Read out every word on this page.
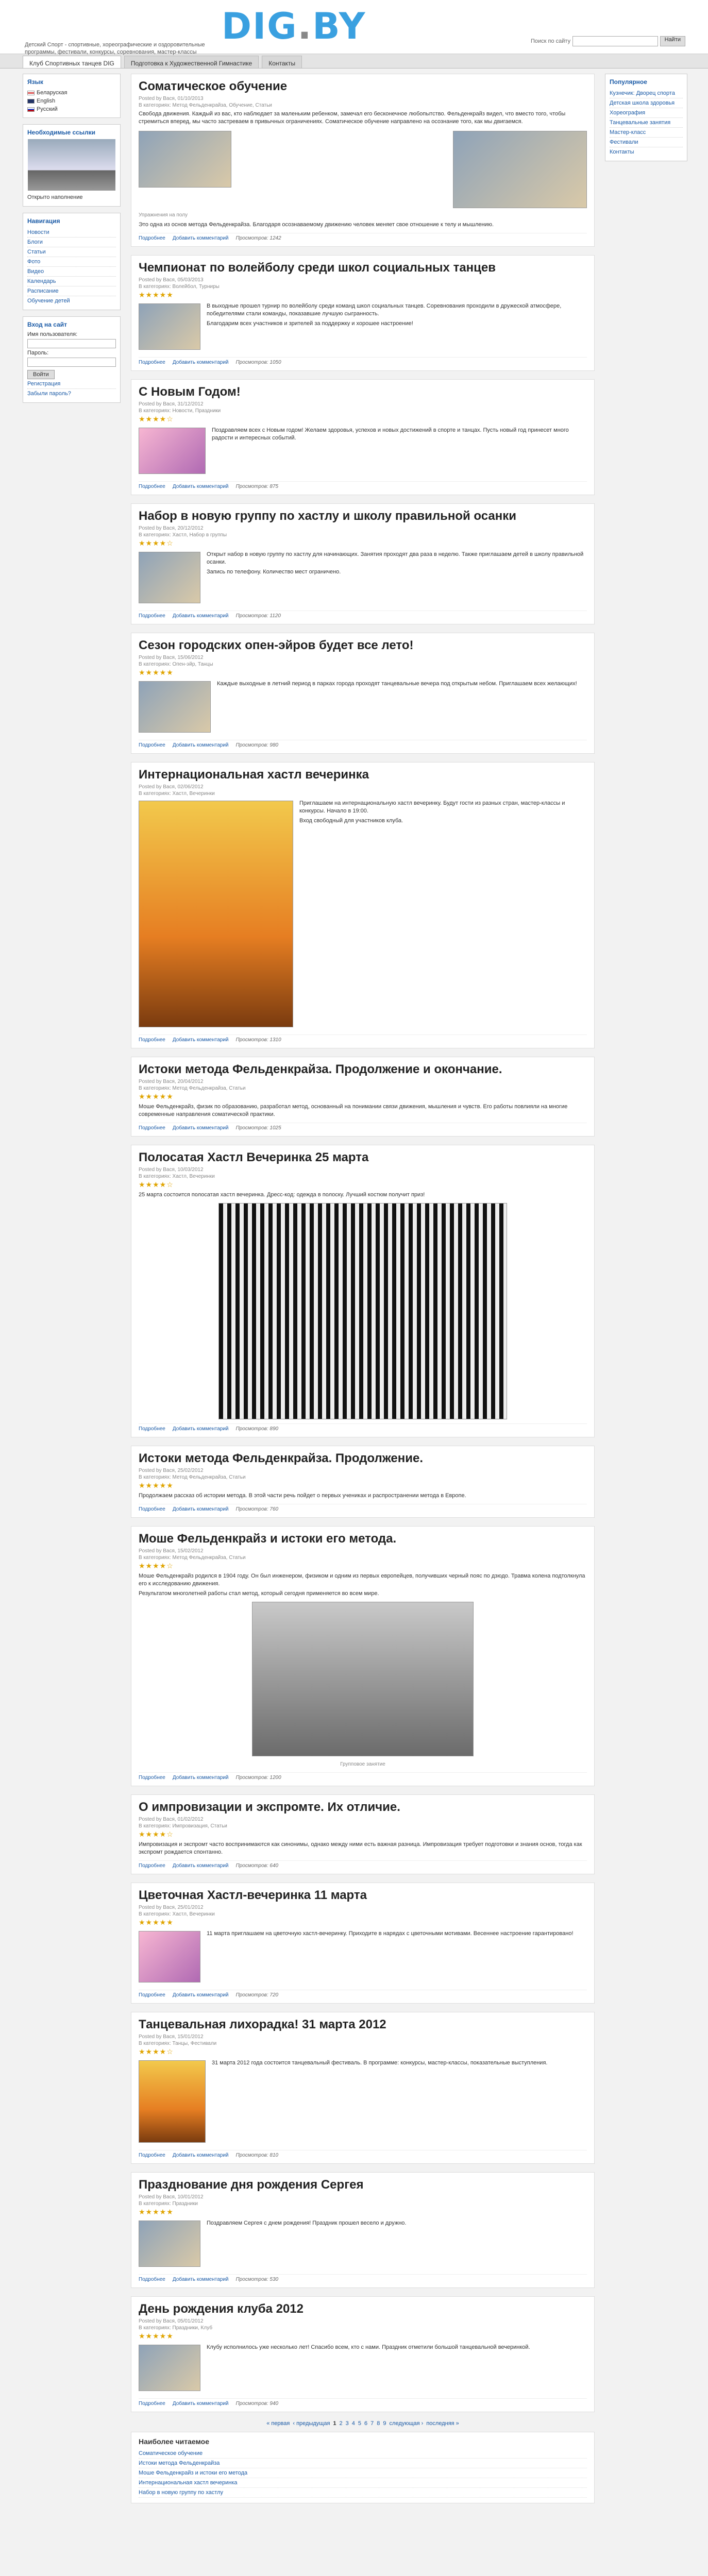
Детский Спорт - спортивные, хореографические и оздоровительные программы, фестивали, конкурсы, соревнования, мастер-классы
DIG.BY	Поиск по сайту	Найти
Клуб Спортивных танцев DIG	Подготовка к Художественной Гимнастике	Контакты
Язык
Беларуская
English
Русский
Необходимые ссылки
Открыто наполнение
Навигация
Новости
Блоги
Статьи
Фото
Видео
Календарь
Расписание
Обучение детей
Вход на сайт
Имя пользователя:
Пароль:
Войти
Регистрация
Забыли пароль?
Соматическое обучение
Posted by Вася, 01/10/2013
В категориях: Метод Фельденкрайза, Обучение, Статьи

Свобода движения. Каждый из вас, кто наблюдает за маленьким ребенком, замечал его бесконечное любопытство. Фельденкрайз видел, что вместо того, чтобы стремиться вперед, мы часто застреваем в привычных ограничениях. Соматическое обучение направлено на осознание того, как мы двигаемся.

Упражнения на полу

Это одна из основ метода Фельденкрайза. Благодаря осознаваемому движению человек меняет свое отношение к телу и мышлению.

Подробнее Добавить комментарий Просмотров: 1242
Чемпионат по волейболу среди школ социальных танцев
Posted by Вася, 05/03/2013
В категориях: Волейбол, Турниры
★★★★★

В выходные прошел турнир по волейболу среди команд школ социальных танцев. Соревнования проходили в дружеской атмосфере, победителями стали команды, показавшие лучшую сыгранность.

Благодарим всех участников и зрителей за поддержку и хорошее настроение!

Подробнее Добавить комментарий Просмотров: 1050
С Новым Годом!
Posted by Вася, 31/12/2012
В категориях: Новости, Праздники
★★★★☆

Поздравляем всех с Новым годом! Желаем здоровья, успехов и новых достижений в спорте и танцах. Пусть новый год принесет много радости и интересных событий.

Подробнее Добавить комментарий Просмотров: 875
Набор в новую группу по хастлу и школу правильной осанки
Posted by Вася, 20/12/2012
В категориях: Хастл, Набор в группы
★★★★☆

Открыт набор в новую группу по хастлу для начинающих. Занятия проходят два раза в неделю. Также приглашаем детей в школу правильной осанки.

Запись по телефону. Количество мест ограничено.

Подробнее Добавить комментарий Просмотров: 1120
Сезон городских опен-эйров будет все лето!
Posted by Вася, 15/06/2012
В категориях: Опен-эйр, Танцы
★★★★★

Каждые выходные в летний период в парках города проходят танцевальные вечера под открытым небом. Приглашаем всех желающих!

Подробнее Добавить комментарий Просмотров: 980
Интернациональная хастл вечеринка
Posted by Вася, 02/06/2012
В категориях: Хастл, Вечеринки

Приглашаем на интернациональную хастл вечеринку. Будут гости из разных стран, мастер-классы и конкурсы. Начало в 19:00.

Вход свободный для участников клуба.

Подробнее Добавить комментарий Просмотров: 1310
Истоки метода Фельденкрайза. Продолжение и окончание.
Posted by Вася, 20/04/2012
В категориях: Метод Фельденкрайза, Статьи
★★★★★

Моше Фельденкрайз, физик по образованию, разработал метод, основанный на понимании связи движения, мышления и чувств. Его работы повлияли на многие современные направления соматической практики.

Подробнее Добавить комментарий Просмотров: 1025
Полосатая Хастл Вечеринка 25 марта
Posted by Вася, 10/03/2012
В категориях: Хастл, Вечеринки
★★★★☆

25 марта состоится полосатая хастл вечеринка. Дресс-код: одежда в полоску. Лучший костюм получит приз!

Подробнее Добавить комментарий Просмотров: 890
Истоки метода Фельденкрайза. Продолжение.
Posted by Вася, 25/02/2012
В категориях: Метод Фельденкрайза, Статьи
★★★★★

Продолжаем рассказ об истории метода. В этой части речь пойдет о первых учениках и распространении метода в Европе.

Подробнее Добавить комментарий Просмотров: 760
Моше Фельденкрайз и истоки его метода.
Posted by Вася, 15/02/2012
В категориях: Метод Фельденкрайза, Статьи
★★★★☆

Моше Фельденкрайз родился в 1904 году. Он был инженером, физиком и одним из первых европейцев, получивших черный пояс по дзюдо. Травма колена подтолкнула его к исследованию движения.

Результатом многолетней работы стал метод, который сегодня применяется во всем мире.

Групповое занятие
Подробнее Добавить комментарий Просмотров: 1200
О импровизации и экспромте. Их отличие.
Posted by Вася, 01/02/2012
В категориях: Импровизация, Статьи
★★★★☆

Импровизация и экспромт часто воспринимаются как синонимы, однако между ними есть важная разница. Импровизация требует подготовки и знания основ, тогда как экспромт рождается спонтанно.

Подробнее Добавить комментарий Просмотров: 640
Цветочная Хастл-вечеринка 11 марта
Posted by Вася, 25/01/2012
В категориях: Хастл, Вечеринки
★★★★★

11 марта приглашаем на цветочную хастл-вечеринку. Приходите в нарядах с цветочными мотивами. Весеннее настроение гарантировано!

Подробнее Добавить комментарий Просмотров: 720
Танцевальная лихорадка! 31 марта 2012
Posted by Вася, 15/01/2012
В категориях: Танцы, Фестивали
★★★★☆

31 марта 2012 года состоится танцевальный фестиваль. В программе: конкурсы, мастер-классы, показательные выступления.

Подробнее Добавить комментарий Просмотров: 810
Празднование дня рождения Сергея
Posted by Вася, 10/01/2012
В категориях: Праздники
★★★★★

Поздравляем Сергея с днем рождения! Праздник прошел весело и дружно.

Подробнее Добавить комментарий Просмотров: 530
День рождения клуба 2012
Posted by Вася, 05/01/2012
В категориях: Праздники, Клуб
★★★★★

Клубу исполнилось уже несколько лет! Спасибо всем, кто с нами. Праздник отметили большой танцевальной вечеринкой.

Подробнее Добавить комментарий Просмотров: 940
« первая ‹ предыдущая 1 2 3 4 5 6 7 8 9 следующая › последняя »
Наиболее читаемое
Соматическое обучение
Истоки метода Фельденкрайза
Моше Фельденкрайз и истоки его метода
Интернациональная хастл вечеринка
Набор в новую группу по хастлу
Популярное
Кузнечик: Дворец спорта
Детская школа здоровья
Хореография
Танцевальные занятия
Мастер-класс
Фестивали
Контакты
